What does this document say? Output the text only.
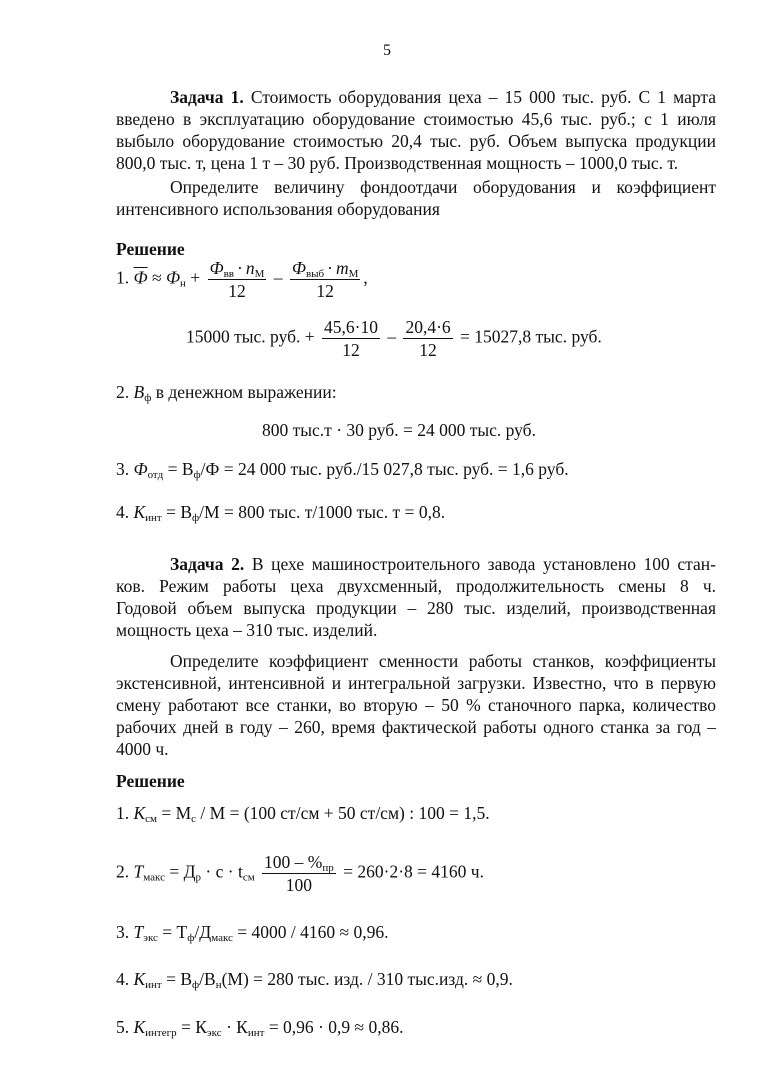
5
Задача 1. Стоимость оборудования цеха – 15 000 тыс. руб. С 1 марта
введено в эксплуатацию оборудование стоимостью 45,6 тыс. руб.; с 1 июля
выбыло оборудование стоимостью 20,4 тыс. руб. Объем выпуска продукции
800,0 тыс. т, цена 1 т – 30 руб. Производственная мощность – 1000,0 тыс. т.
Определите величину фондоотдачи оборудования и коэффициент
интенсивного использования оборудования
Решение
1. $Ф \approx Ф_н + \frac{Ф_{вв} \cdot n_М}{12} - \frac{Ф_{выб} \cdot m_М}{12}$ ,
15000 тыс. руб. + $\frac{45,6\cdot 10}{12} - \frac{20,4\cdot 6}{12} = 15027,8$ тыс. руб.
2. $В_ф$ в денежном выражении:
800 тыс.т · 30 руб. = 24 000 тыс. руб.
3. $Ф_{отд} = В_ф/Ф = 24$ 000 тыс. руб./15 027,8 тыс. руб. = 1,6 руб.
4. $К_{инт} = В_ф/М = 800$ тыс. т/1000 тыс. т = 0,8.
Задача 2. В цехе машиностроительного завода установлено 100 стан-
ков. Режим работы цеха двухсменный, продолжительность смены 8 ч.
Годовой объем выпуска продукции – 280 тыс. изделий, производственная
мощность цеха – 310 тыс. изделий.
Определите коэффициент сменности работы станков, коэффициенты
экстенсивной, интенсивной и интегральной загрузки. Известно, что в первую
смену работают все станки, во вторую – 50 % станочного парка, количество
рабочих дней в году – 260, время фактической работы одного станка за год –
4000 ч.
Решение
1. $К_{см} = М_с / М = (100$ ст/см + 50 ст/см) : 100 = 1,5.
2. $Т_{макс} = Д_р \cdot с \cdot t_{см} \frac{100 - \%_{пр}}{100} = 260\cdot 2\cdot 8 = 4160$ ч.
3. $Т_{экс} = Т_ф/Д_{макс} = 4000 / 4160 \approx 0,96$.
4. $К_{инт} = В_ф/В_н(М) = 280$ тыс. изд. / 310 тыс.изд. ≈ 0,9.
5. $К_{интегр} = К_{экс} \cdot К_{инт} = 0,96 \cdot 0,9 \approx 0,86$.
